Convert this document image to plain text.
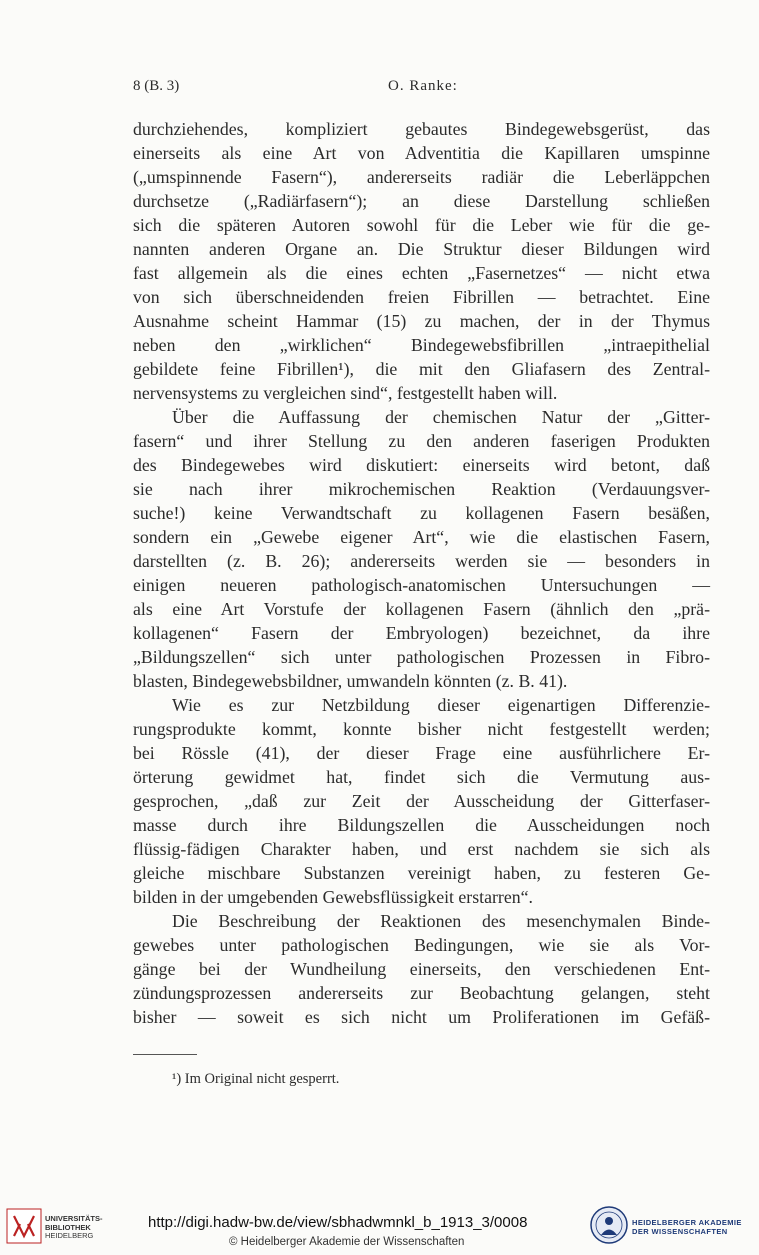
8 (B. 3)	O. Ranke:
durchziehendes, kompliziert gebautes Bindegewebsgerüst, das
einerseits als eine Art von Adventitia die Kapillaren umspinne
(„umspinnende Fasern“), andererseits radiär die Leberläppchen
durchsetze („Radiärfasern“); an diese Darstellung schließen
sich die späteren Autoren sowohl für die Leber wie für die ge-
nannten anderen Organe an. Die Struktur dieser Bildungen wird
fast allgemein als die eines echten „Fasernetzes“ — nicht etwa
von sich überschneidenden freien Fibrillen — betrachtet. Eine
Ausnahme scheint Hammar (15) zu machen, der in der Thymus
neben den „wirklichen“ Bindegewebsfibrillen „intraepithelial
gebildete feine Fibrillen¹), die mit den Gliafasern des Zentral-
nervensystems zu vergleichen sind“, festgestellt haben will.
Über die Auffassung der chemischen Natur der „Gitter-
fasern“ und ihrer Stellung zu den anderen faserigen Produkten
des Bindegewebes wird diskutiert: einerseits wird betont, daß
sie nach ihrer mikrochemischen Reaktion (Verdauungsver-
suche!) keine Verwandtschaft zu kollagenen Fasern besäßen,
sondern ein „Gewebe eigener Art“, wie die elastischen Fasern,
darstellten (z. B. 26); andererseits werden sie — besonders in
einigen neueren pathologisch-anatomischen Untersuchungen —
als eine Art Vorstufe der kollagenen Fasern (ähnlich den „prä-
kollagenen“ Fasern der Embryologen) bezeichnet, da ihre
„Bildungszellen“ sich unter pathologischen Prozessen in Fibro-
blasten, Bindegewebsbildner, umwandeln könnten (z. B. 41).
Wie es zur Netzbildung dieser eigenartigen Differenzie-
rungsprodukte kommt, konnte bisher nicht festgestellt werden;
bei Rössle (41), der dieser Frage eine ausführlichere Er-
örterung gewidmet hat, findet sich die Vermutung aus-
gesprochen, „daß zur Zeit der Ausscheidung der Gitterfaser-
masse durch ihre Bildungszellen die Ausscheidungen noch
flüssig-fädigen Charakter haben, und erst nachdem sie sich als
gleiche mischbare Substanzen vereinigt haben, zu festeren Ge-
bilden in der umgebenden Gewebsflüssigkeit erstarren“.
Die Beschreibung der Reaktionen des mesenchymalen Binde-
gewebes unter pathologischen Bedingungen, wie sie als Vor-
gänge bei der Wundheilung einerseits, den verschiedenen Ent-
zündungsprozessen andererseits zur Beobachtung gelangen, steht
bisher — soweit es sich nicht um Proliferationen im Gefäß-
¹) Im Original nicht gesperrt.
UNIVERSITÄTS-
BIBLIOTHEK
HEIDELBERG
http://digi.hadw-bw.de/view/sbhadwmnkl_b_1913_3/0008
© Heidelberger Akademie der Wissenschaften
HEIDELBERGER AKADEMIE
DER WISSENSCHAFTEN
